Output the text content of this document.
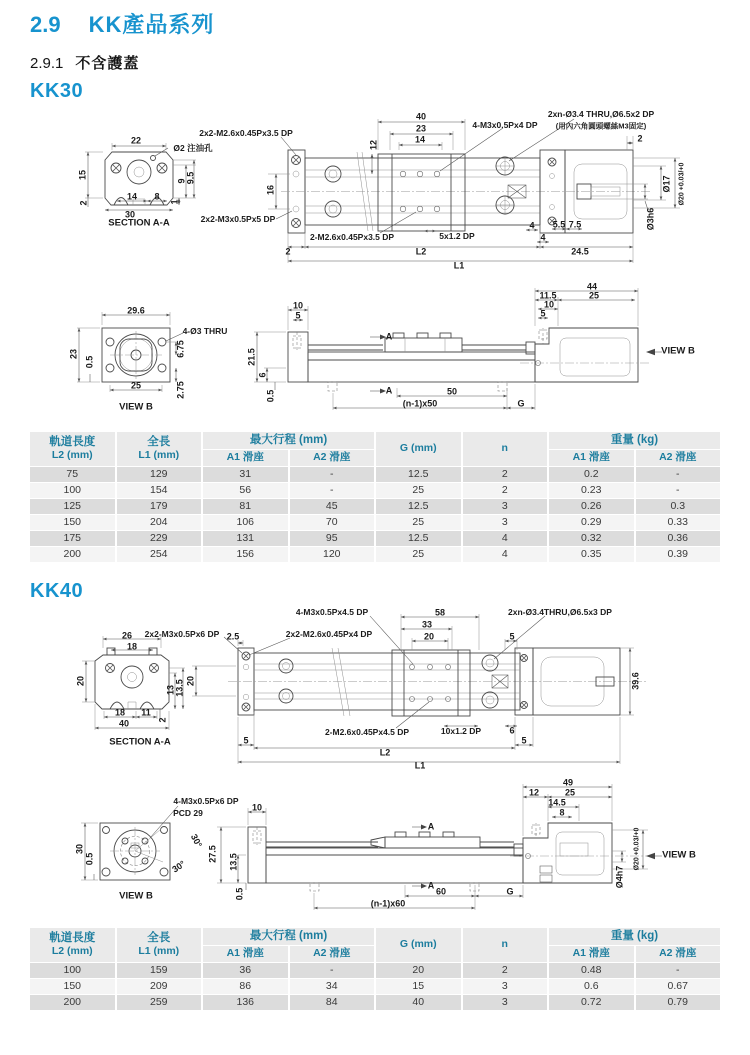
2.9 KK產品系列
2.9.1 不含護蓋
KK30
KK40
22
Ø2 注油孔
15
2
14 8
30
1
9 9.5
SECTION A-A
2x2-M2.6x0.45Px3.5 DP
2x2-M3x0.5Px5 DP
2-M2.6x0.45Px3.5 DP	5x1.2 DP
4-M3x0.5Px4 DP
2xn-Ø3.4 THRU,Ø6.5x2 DP
(用內六角圓頭螺絲M3固定)
16
12
40
23
14	2
Ø17 Ø20 +0.03/+0
Ø3h6
2	L2
L1
24.5
4
4
5.5 7.5
10
5
21.5
6
0.5
A
A	50
(n-1)x50	G
44
11.5
10
5
25
VIEW B
29.6
4-Ø3 THRU
23
0.5
6.75
25	2.75
VIEW B
26
18
20
13 13.5
18 11
2
40
SECTION A-A
2x2-M3x0.5Px6 DP 2.5	2x2-M2.6x0.45Px4 DP
4-M3x0.5Px4.5 DP	58
33
20
2xn-Ø3.4THRU,Ø6.5x3 DP
5
20	39.6
2-M2.6x0.45Px4.5 DP	10x1.2 DP	6
5	5
L2
L1
4-M3x0.5Px6 DP
PCD 29
30
0.5
30°
30°
VIEW B
10
27.5 13.5
0.5
A
A
60	G
(n-1)x60
49
12	25
14.5
8
VIEW B
Ø20 +0.03/+0
Ø4h7
軌道長度
L2 (mm)	全長
L1 (mm)	最大行程 (mm)		G (mm)	n	重量 (kg)	
		A1 滑座	A2 滑座			A1 滑座	A2 滑座
75	129	31	-	12.5	2	0.2	-
100	154	56	-	25	2	0.23	-
125	179	81	45	12.5	3	0.26	0.3
150	204	106	70	25	3	0.29	0.33
175	229	131	95	12.5	4	0.32	0.36
200	254	156	120	25	4	0.35	0.39
軌道長度
L2 (mm)	全長
L1 (mm)	最大行程 (mm)		G (mm)	n	重量 (kg)	
		A1 滑座	A2 滑座			A1 滑座	A2 滑座
100	159	36	-	20	2	0.48	-
150	209	86	34	15	3	0.6	0.67
200	259	136	84	40	3	0.72	0.79
